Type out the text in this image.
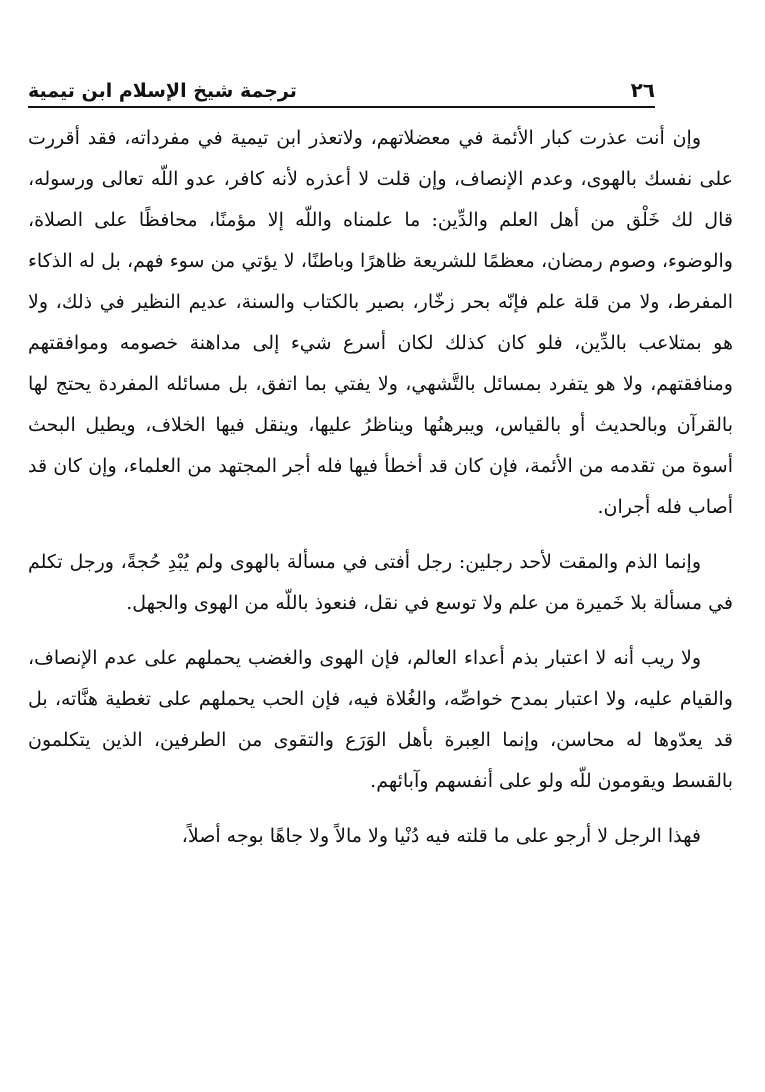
٢٦
ترجمة شيخ الإسلام ابن تيمية

وإن أنت عذرت كبار الأئمة في معضلاتهم، ولاتعذر ابن تيمية في مفرداته، فقد أقررت على نفسك بالهوى، وعدم الإنصاف، وإن قلت لا أعذره لأنه كافر، عدو اللّه تعالى ورسوله، قال لك خَلْق من أهل العلم والدِّين: ما علمناه واللّه إلا مؤمنًا، محافظًا على الصلاة، والوضوء، وصوم رمضان، معظمًا للشريعة ظاهرًا وباطنًا، لا يؤتي من سوء فهم، بل له الذكاء المفرط، ولا من قلة علم فإنّه بحر زخّار، بصير بالكتاب والسنة، عديم النظير في ذلك، ولا هو بمتلاعب بالدِّين، فلو كان كذلك لكان أسرع شيء إلى مداهنة خصومه وموافقتهم ومنافقتهم، ولا هو يتفرد بمسائل بالتَّشهي، ولا يفتي بما اتفق، بل مسائله المفردة يحتج لها بالقرآن وبالحديث أو بالقياس، ويبرهنُها ويناظرُ عليها، وينقل فيها الخلاف، ويطيل البحث أسوة من تقدمه من الأئمة، فإن كان قد أخطأ فيها فله أجر المجتهد من العلماء، وإن كان قد أصاب فله أجران.

وإنما الذم والمقت لأحد رجلين: رجل أفتى في مسألة بالهوى ولم يُبْدِ حُجةً، ورجل تكلم في مسألة بلا خَميرة من علم ولا توسع في نقل، فنعوذ باللّه من الهوى والجهل.

ولا ريب أنه لا اعتبار بذم أعداء العالم، فإن الهوى والغضب يحملهم على عدم الإنصاف، والقيام عليه، ولا اعتبار بمدح خواصِّه، والغُلاة فيه، فإن الحب يحملهم على تغطية هنَّاته، بل قد يعدّوها له محاسن، وإنما العِبرة بأهل الوَرَع والتقوى من الطرفين، الذين يتكلمون بالقسط ويقومون للّه ولو على أنفسهم وآبائهم.

فهذا الرجل لا أرجو على ما قلته فيه دُنْيا ولا مالاً ولا جاهًا بوجه أصلاً،
